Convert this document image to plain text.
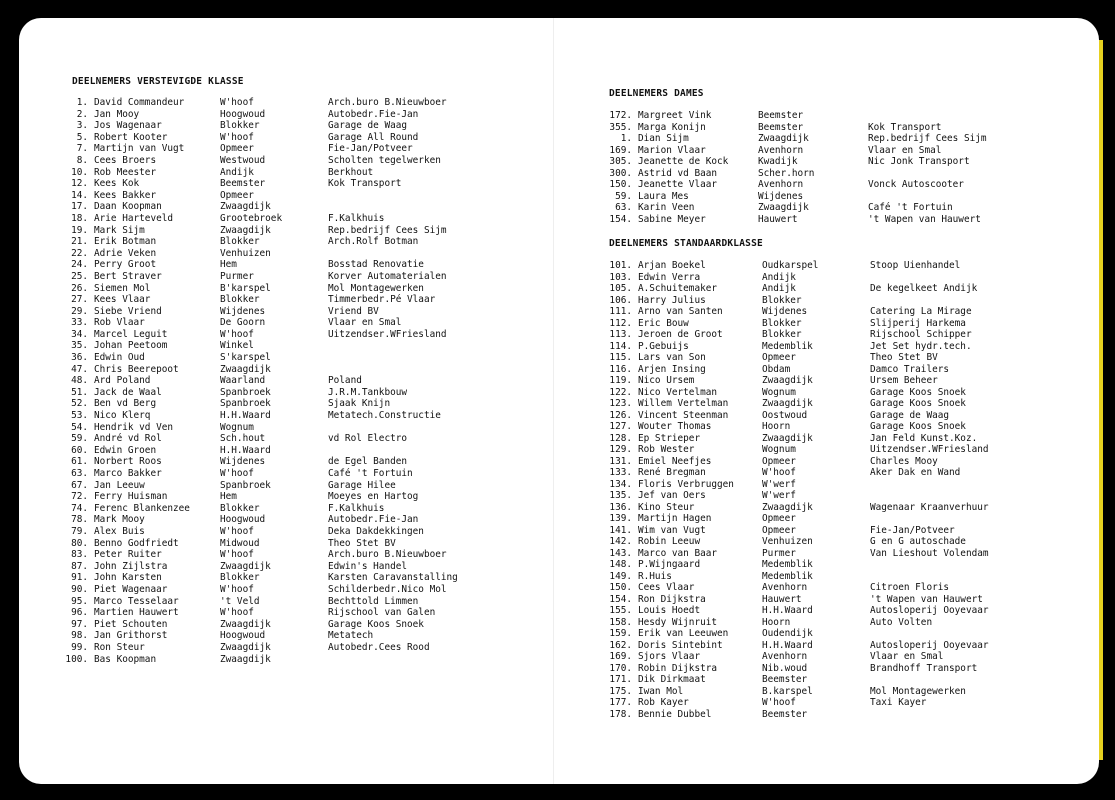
DEELNEMERS VERSTEVIGDE KLASSE
1. David Commandeur	W'hoof	Arch.buro B.Nieuwboer
2. Jan Mooy	Hoogwoud	Autobedr.Fie-Jan
3. Jos Wagenaar	Blokker	Garage de Waag
5. Robert Kooter	W'hoof	Garage All Round
7. Martijn van Vugt	Opmeer	Fie-Jan/Potveer
8. Cees Broers	Westwoud	Scholten tegelwerken
10. Rob Meester	Andijk	Berkhout
12. Kees Kok	Beemster	Kok Transport
14. Kees Bakker	Opmeer
17. Daan Koopman	Zwaagdijk
18. Arie Harteveld	Grootebroek	F.Kalkhuis
19. Mark Sijm	Zwaagdijk	Rep.bedrijf Cees Sijm
21. Erik Botman	Blokker	Arch.Rolf Botman
22. Adrie Veken	Venhuizen
24. Perry Groot	Hem	Bosstad Renovatie
25. Bert Straver	Purmer	Korver Automaterialen
26. Siemen Mol	B'karspel	Mol Montagewerken
27. Kees Vlaar	Blokker	Timmerbedr.Pé Vlaar
29. Siebe Vriend	Wijdenes	Vriend BV
33. Rob Vlaar	De Goorn	Vlaar en Smal
34. Marcel Leguit	W'hoof	Uitzendser.WFriesland
35. Johan Peetoom	Winkel
36. Edwin Oud	S'karspel
47. Chris Beerepoot	Zwaagdijk
48. Ard Poland	Waarland	Poland
51. Jack de Waal	Spanbroek	J.R.M.Tankbouw
52. Ben vd Berg	Spanbroek	Sjaak Knijn
53. Nico Klerq	H.H.Waard	Metatech.Constructie
54. Hendrik vd Ven	Wognum
59. André vd Rol	Sch.hout	vd Rol Electro
60. Edwin Groen	H.H.Waard
61. Norbert Roos	Wijdenes	de Egel Banden
63. Marco Bakker	W'hoof	Café 't Fortuin
67. Jan Leeuw	Spanbroek	Garage Hilee
72. Ferry Huisman	Hem	Moeyes en Hartog
74. Ferenc Blankenzee	Blokker	F.Kalkhuis
78. Mark Mooy	Hoogwoud	Autobedr.Fie-Jan
79. Alex Buis	W'hoof	Deka Dakdekkingen
80. Benno Godfriedt	Midwoud	Theo Stet BV
83. Peter Ruiter	W'hoof	Arch.buro B.Nieuwboer
87. John Zijlstra	Zwaagdijk	Edwin's Handel
91. John Karsten	Blokker	Karsten Caravanstalling
90. Piet Wagenaar	W'hoof	Schilderbedr.Nico Mol
95. Marco Tesselaar	't Veld	Bechttold Limmen
96. Martien Hauwert	W'hoof	Rijschool van Galen
97. Piet Schouten	Zwaagdijk	Garage Koos Snoek
98. Jan Grithorst	Hoogwoud	Metatech
99. Ron Steur	Zwaagdijk	Autobedr.Cees Rood
100. Bas Koopman	Zwaagdijk
DEELNEMERS DAMES
172. Margreet Vink	Beemster
355. Marga Konijn	Beemster	Kok Transport
1. Dian Sijm	Zwaagdijk	Rep.bedrijf Cees Sijm
169. Marion Vlaar	Avenhorn	Vlaar en Smal
305. Jeanette de Kock	Kwadijk	Nic Jonk Transport
300. Astrid vd Baan	Scher.horn
150. Jeanette Vlaar	Avenhorn	Vonck Autoscooter
59. Laura Mes	Wijdenes
63. Karin Veen	Zwaagdijk	Café 't Fortuin
154. Sabine Meyer	Hauwert	't Wapen van Hauwert
DEELNEMERS STANDAARDKLASSE
101. Arjan Boekel	Oudkarspel	Stoop Uienhandel
103. Edwin Verra	Andijk
105. A.Schuitemaker	Andijk	De kegelkeet Andijk
106. Harry Julius	Blokker
111. Arno van Santen	Wijdenes	Catering La Mirage
112. Eric Bouw	Blokker	Slijperij Harkema
113. Jeroen de Groot	Blokker	Rijschool Schipper
114. P.Gebuijs	Medemblik	Jet Set hydr.tech.
115. Lars van Son	Opmeer	Theo Stet BV
116. Arjen Insing	Obdam	Damco Trailers
119. Nico Ursem	Zwaagdijk	Ursem Beheer
122. Nico Vertelman	Wognum	Garage Koos Snoek
123. Willem Vertelman	Zwaagdijk	Garage Koos Snoek
126. Vincent Steenman	Oostwoud	Garage de Waag
127. Wouter Thomas	Hoorn	Garage Koos Snoek
128. Ep Strieper	Zwaagdijk	Jan Feld Kunst.Koz.
129. Rob Wester	Wognum	Uitzendser.WFriesland
131. Emiel Neefjes	Opmeer	Charles Mooy
133. René Bregman	W'hoof	Aker Dak en Wand
134. Floris Verbruggen	W'werf
135. Jef van Oers	W'werf
136. Kino Steur	Zwaagdijk	Wagenaar Kraanverhuur
139. Martijn Hagen	Opmeer
141. Wim van Vugt	Opmeer	Fie-Jan/Potveer
142. Robin Leeuw	Venhuizen	G en G autoschade
143. Marco van Baar	Purmer	Van Lieshout Volendam
148. P.Wijngaard	Medemblik
149. R.Huis	Medemblik
150. Cees Vlaar	Avenhorn	Citroen Floris
154. Ron Dijkstra	Hauwert	't Wapen van Hauwert
155. Louis Hoedt	H.H.Waard	Autosloperij Ooyevaar
158. Hesdy Wijnruit	Hoorn	Auto Volten
159. Erik van Leeuwen	Oudendijk
162. Doris Sintebint	H.H.Waard	Autosloperij Ooyevaar
169. Sjors Vlaar	Avenhorn	Vlaar en Smal
170. Robin Dijkstra	Nib.woud	Brandhoff Transport
171. Dik Dirkmaat	Beemster
175. Iwan Mol	B.karspel	Mol Montagewerken
177. Rob Kayer	W'hoof	Taxi Kayer
178. Bennie Dubbel	Beemster
